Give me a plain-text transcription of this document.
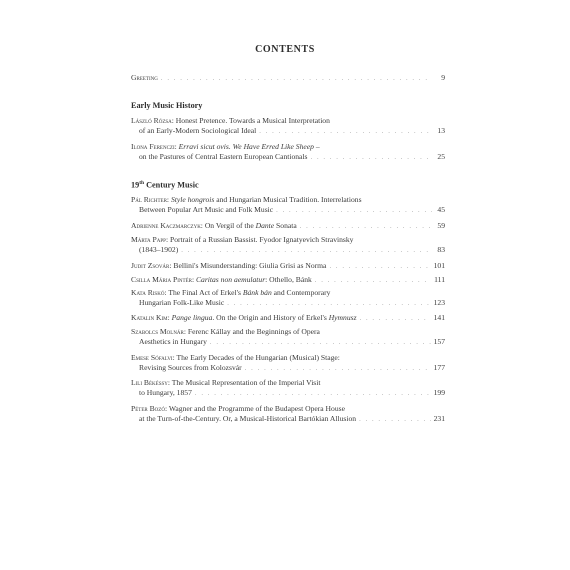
CONTENTS
Greeting . . .	9
Early Music History
László Rózsa: Honest Pretence. Towards a Musical Interpretation
of an Early-Modern Sociological Ideal . . .	13
Ilona Ferenczi: Erravi sicut ovis. We Have Erred Like Sheep –
on the Pastures of Central Eastern European Cantionals . . .	25
19th Century Music
Pál Richter: Style hongrois and Hungarian Musical Tradition. Interrelations
Between Popular Art Music and Folk Music . . .	45
Adrienne Kaczmarczyk: On Vergil of the Dante Sonata . . .	59
Márta Papp: Portrait of a Russian Bassist. Fyodor Ignatyevich Stravinsky
(1843–1902) . . .	83
Judit Zsovár: Bellini's Misunderstanding: Giulia Grisi as Norma . . .	101
Csilla Mária Pintér: Caritas non aemulatur: Othello, Bánk . . .	111
Kata Riskó: The Final Act of Erkel's Bánk bán and Contemporary
Hungarian Folk-Like Music . . .	123
Katalin Kim: Pange lingua. On the Origin and History of Erkel's Hymnusz . . .	141
Szabolcs Molnár: Ferenc Kállay and the Beginnings of Opera
Aesthetics in Hungary . . .	157
Emese Sófalvi: The Early Decades of the Hungarian (Musical) Stage:
Revising Sources from Kolozsvár . . .	177
Lili Békéssy: The Musical Representation of the Imperial Visit
to Hungary, 1857 . . .	199
Péter Bozó: Wagner and the Programme of the Budapest Opera House
at the Turn-of-the-Century. Or, a Musical-Historical Bartókian Allusion . . .	231
